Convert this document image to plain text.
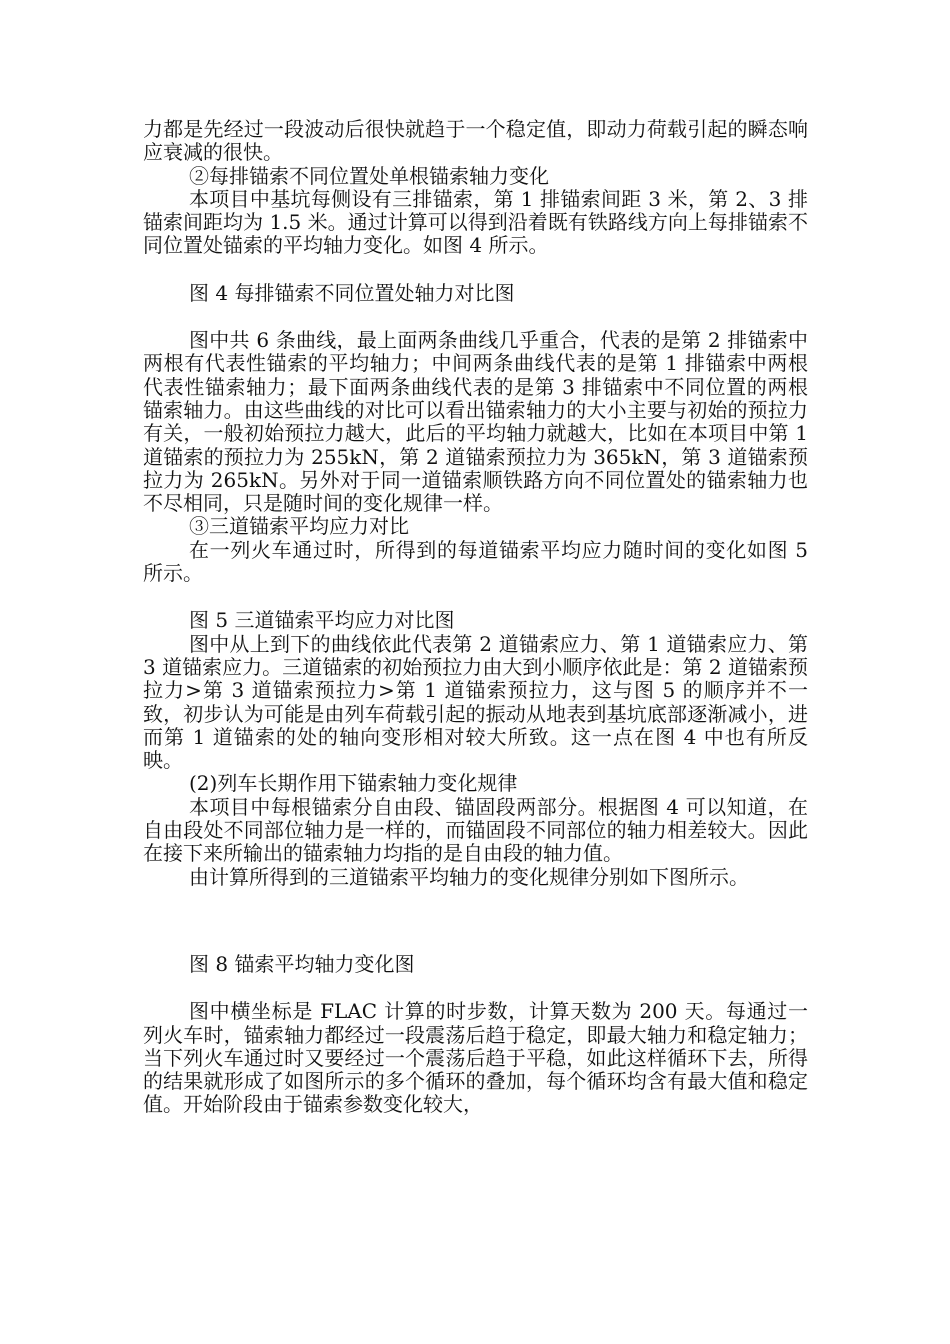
力都是先经过一段波动后很快就趋于一个稳定值，即动力荷载引起的瞬态响应衰减的很快。

②每排锚索不同位置处单根锚索轴力变化

本项目中基坑每侧设有三排锚索，第 1 排锚索间距 3 米，第 2、3 排锚索间距均为 1.5 米。通过计算可以得到沿着既有铁路线方向上每排锚索不同位置处锚索的平均轴力变化。如图 4 所示。

图 4 每排锚索不同位置处轴力对比图

图中共 6 条曲线，最上面两条曲线几乎重合，代表的是第 2 排锚索中两根有代表性锚索的平均轴力；中间两条曲线代表的是第 1 排锚索中两根代表性锚索轴力；最下面两条曲线代表的是第 3 排锚索中不同位置的两根锚索轴力。由这些曲线的对比可以看出锚索轴力的大小主要与初始的预拉力有关，一般初始预拉力越大，此后的平均轴力就越大，比如在本项目中第 1 道锚索的预拉力为 255kN，第 2 道锚索预拉力为 365kN，第 3 道锚索预拉力为 265kN。另外对于同一道锚索顺铁路方向不同位置处的锚索轴力也不尽相同，只是随时间的变化规律一样。

③三道锚索平均应力对比

在一列火车通过时，所得到的每道锚索平均应力随时间的变化如图 5 所示。

图 5 三道锚索平均应力对比图

图中从上到下的曲线依此代表第 2 道锚索应力、第 1 道锚索应力、第 3 道锚索应力。三道锚索的初始预拉力由大到小顺序依此是：第 2 道锚索预拉力>第 3 道锚索预拉力>第 1 道锚索预拉力，这与图 5 的顺序并不一致，初步认为可能是由列车荷载引起的振动从地表到基坑底部逐渐减小，进而第 1 道锚索的处的轴向变形相对较大所致。这一点在图 4 中也有所反映。

(2)列车长期作用下锚索轴力变化规律

本项目中每根锚索分自由段、锚固段两部分。根据图 4 可以知道，在自由段处不同部位轴力是一样的，而锚固段不同部位的轴力相差较大。因此在接下来所输出的锚索轴力均指的是自由段的轴力值。

由计算所得到的三道锚索平均轴力的变化规律分别如下图所示。

图 8 锚索平均轴力变化图

图中横坐标是 FLAC 计算的时步数，计算天数为 200 天。每通过一列火车时，锚索轴力都经过一段震荡后趋于稳定，即最大轴力和稳定轴力；当下列火车通过时又要经过一个震荡后趋于平稳，如此这样循环下去，所得的结果就形成了如图所示的多个循环的叠加，每个循环均含有最大值和稳定值。开始阶段由于锚索参数变化较大，
